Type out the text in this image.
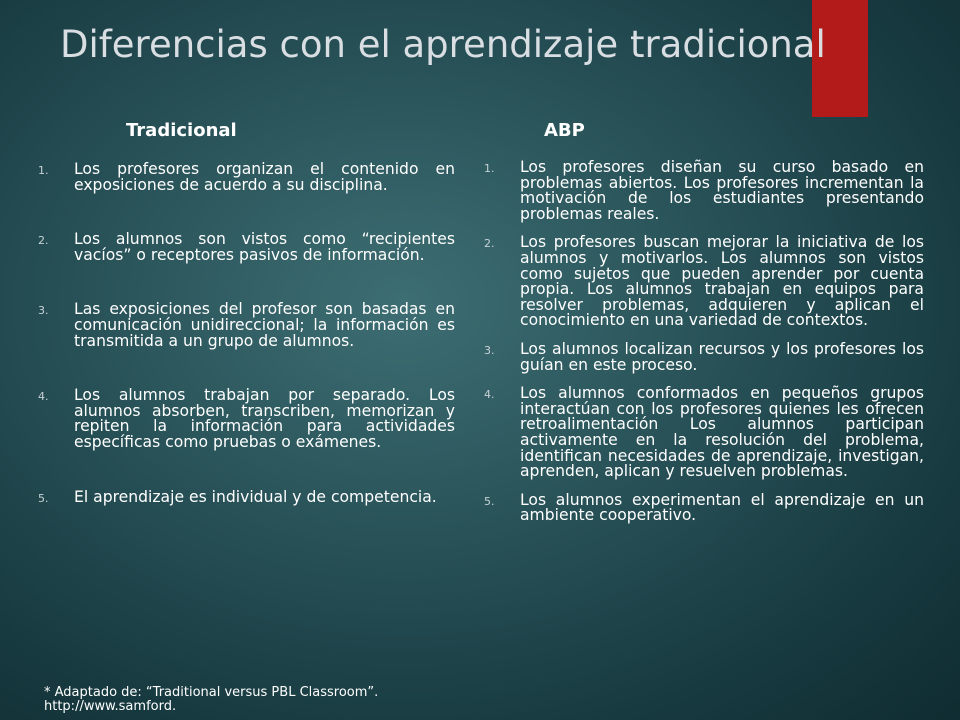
Diferencias con el aprendizaje tradicional
Tradicional	ABP
1. Los profesores organizan el contenido en exposiciones de acuerdo a su disciplina.
2. Los alumnos son vistos como “recipientes vacíos” o receptores pasivos de información.
3. Las exposiciones del profesor son basadas en comunicación unidireccional; la información es transmitida a un grupo de alumnos.
4. Los alumnos trabajan por separado. Los alumnos absorben, transcriben, memorizan y repiten la información para actividades específicas como pruebas o exámenes.
5. El aprendizaje es individual y de competencia.
1. Los profesores diseñan su curso basado en problemas abiertos. Los profesores incrementan la motivación de los estudiantes presentando problemas reales.
2. Los profesores buscan mejorar la iniciativa de los alumnos y motivarlos. Los alumnos son vistos como sujetos que pueden aprender por cuenta propia. Los alumnos trabajan en equipos para resolver problemas, adquieren y aplican el conocimiento en una variedad de contextos.
3. Los alumnos localizan recursos y los profesores los guían en este proceso.
4. Los alumnos conformados en pequeños grupos interactúan con los profesores quienes les ofrecen retroalimentación Los alumnos participan activamente en la resolución del problema, identifican necesidades de aprendizaje, investigan, aprenden, aplican y resuelven problemas.
5. Los alumnos experimentan el aprendizaje en un ambiente cooperativo.

* Adaptado de: “Traditional versus PBL Classroom”.
http://www.samford.
